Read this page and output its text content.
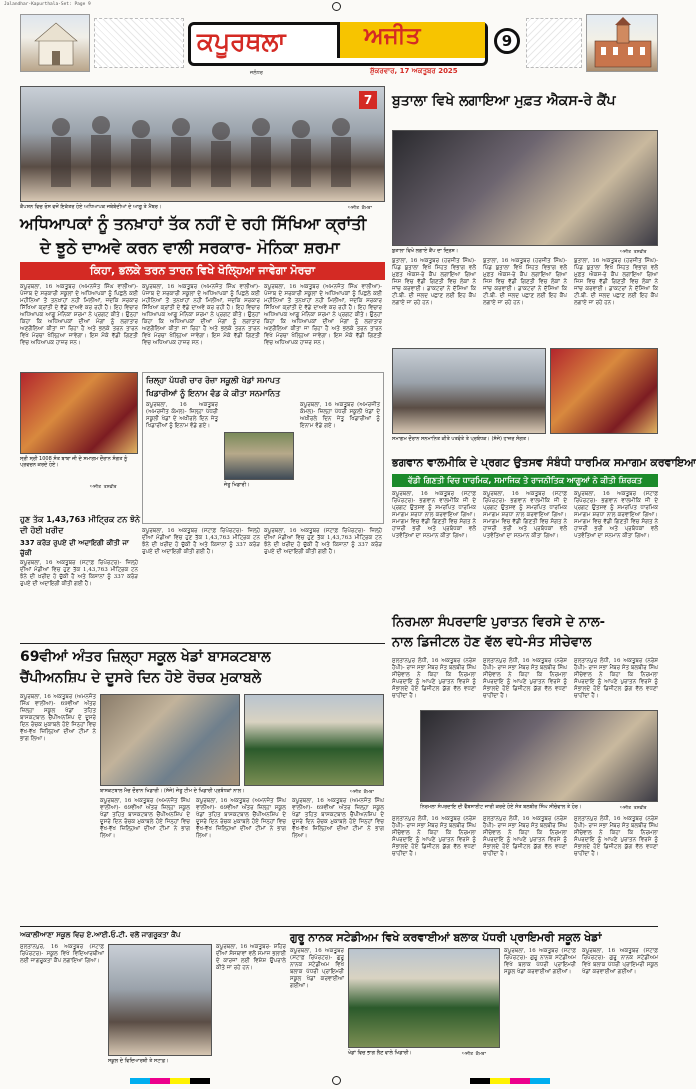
Jalandhar-Kapurthala-Set: Page 9
ਕਪੂਰਥਲਾ	ਅਜੀਤ
ਜਲੰਧਰ	ਸ਼ੁੱਕਰਵਾਰ, 17 ਅਕਤੂਬਰ 2025
9
7
ਕੈਪਸ਼ਨ ਵਿਚ ਰੋਸ ਵਜੋਂ ਇਕੱਤਰ ਹੋਏ ਅਧਿਆਪਕ ਜਥੇਬੰਦੀਆਂ ਦੇ ਆਗੂ ਤੇ ਮੈਂਬਰ।	ਅਜੀਤ ਕੈਮਰਾ
ਅਧਿਆਪਕਾਂ ਨੂੰ ਤਨਖ਼ਾਹਾਂ ਤੱਕ ਨਹੀਂ ਦੇ ਰਹੀ ਸਿੱਖਿਆ ਕ੍ਰਾਂਤੀ
ਦੇ ਝੂਠੇ ਦਾਅਵੇ ਕਰਨ ਵਾਲੀ ਸਰਕਾਰ- ਮੋਨਿਕਾ ਸ਼ਰਮਾ
ਕਿਹਾ, ਭਲਕੇ ਤਰਨ ਤਾਰਨ ਵਿਖੇ ਖੋਲ੍ਹਿਆ ਜਾਵੇਗਾ ਮੋਰਚਾ
ਕਪੂਰਥਲਾ, 16 ਅਕਤੂਬਰ (ਅਮਨਜੋਤ ਸਿੰਘ ਵਾਲੀਆ)- ਪੰਜਾਬ ਦੇ ਸਰਕਾਰੀ ਸਕੂਲਾਂ ਦੇ ਅਧਿਆਪਕਾਂ ਨੂੰ ਪਿਛਲੇ ਕਈ ਮਹੀਨਿਆਂ ਤੋਂ ਤਨਖ਼ਾਹਾਂ ਨਹੀਂ ਮਿਲੀਆਂ, ਜਦਕਿ ਸਰਕਾਰ ਸਿੱਖਿਆ ਕ੍ਰਾਂਤੀ ਦੇ ਵੱਡੇ ਦਾਅਵੇ ਕਰ ਰਹੀ ਹੈ। ਇਹ ਵਿਚਾਰ ਅਧਿਆਪਕ ਆਗੂ ਮੋਨਿਕਾ ਸ਼ਰਮਾ ਨੇ ਪ੍ਰਗਟ ਕੀਤੇ। ਉਨ੍ਹਾਂ ਕਿਹਾ ਕਿ ਅਧਿਆਪਕਾਂ ਦੀਆਂ ਮੰਗਾਂ ਨੂੰ ਲਗਾਤਾਰ ਅਣਗੌਲਿਆ ਕੀਤਾ ਜਾ ਰਿਹਾ ਹੈ ਅਤੇ ਭਲਕੇ ਤਰਨ ਤਾਰਨ ਵਿਖੇ ਮੋਰਚਾ ਖੋਲ੍ਹਿਆ ਜਾਵੇਗਾ। ਇਸ ਮੌਕੇ ਵੱਡੀ ਗਿਣਤੀ ਵਿਚ ਅਧਿਆਪਕ ਹਾਜ਼ਰ ਸਨ।
ਕਪੂਰਥਲਾ, 16 ਅਕਤੂਬਰ (ਅਮਨਜੋਤ ਸਿੰਘ ਵਾਲੀਆ)- ਪੰਜਾਬ ਦੇ ਸਰਕਾਰੀ ਸਕੂਲਾਂ ਦੇ ਅਧਿਆਪਕਾਂ ਨੂੰ ਪਿਛਲੇ ਕਈ ਮਹੀਨਿਆਂ ਤੋਂ ਤਨਖ਼ਾਹਾਂ ਨਹੀਂ ਮਿਲੀਆਂ, ਜਦਕਿ ਸਰਕਾਰ ਸਿੱਖਿਆ ਕ੍ਰਾਂਤੀ ਦੇ ਵੱਡੇ ਦਾਅਵੇ ਕਰ ਰਹੀ ਹੈ। ਇਹ ਵਿਚਾਰ ਅਧਿਆਪਕ ਆਗੂ ਮੋਨਿਕਾ ਸ਼ਰਮਾ ਨੇ ਪ੍ਰਗਟ ਕੀਤੇ। ਉਨ੍ਹਾਂ ਕਿਹਾ ਕਿ ਅਧਿਆਪਕਾਂ ਦੀਆਂ ਮੰਗਾਂ ਨੂੰ ਲਗਾਤਾਰ ਅਣਗੌਲਿਆ ਕੀਤਾ ਜਾ ਰਿਹਾ ਹੈ ਅਤੇ ਭਲਕੇ ਤਰਨ ਤਾਰਨ ਵਿਖੇ ਮੋਰਚਾ ਖੋਲ੍ਹਿਆ ਜਾਵੇਗਾ। ਇਸ ਮੌਕੇ ਵੱਡੀ ਗਿਣਤੀ ਵਿਚ ਅਧਿਆਪਕ ਹਾਜ਼ਰ ਸਨ।
ਕਪੂਰਥਲਾ, 16 ਅਕਤੂਬਰ (ਅਮਨਜੋਤ ਸਿੰਘ ਵਾਲੀਆ)- ਪੰਜਾਬ ਦੇ ਸਰਕਾਰੀ ਸਕੂਲਾਂ ਦੇ ਅਧਿਆਪਕਾਂ ਨੂੰ ਪਿਛਲੇ ਕਈ ਮਹੀਨਿਆਂ ਤੋਂ ਤਨਖ਼ਾਹਾਂ ਨਹੀਂ ਮਿਲੀਆਂ, ਜਦਕਿ ਸਰਕਾਰ ਸਿੱਖਿਆ ਕ੍ਰਾਂਤੀ ਦੇ ਵੱਡੇ ਦਾਅਵੇ ਕਰ ਰਹੀ ਹੈ। ਇਹ ਵਿਚਾਰ ਅਧਿਆਪਕ ਆਗੂ ਮੋਨਿਕਾ ਸ਼ਰਮਾ ਨੇ ਪ੍ਰਗਟ ਕੀਤੇ। ਉਨ੍ਹਾਂ ਕਿਹਾ ਕਿ ਅਧਿਆਪਕਾਂ ਦੀਆਂ ਮੰਗਾਂ ਨੂੰ ਲਗਾਤਾਰ ਅਣਗੌਲਿਆ ਕੀਤਾ ਜਾ ਰਿਹਾ ਹੈ ਅਤੇ ਭਲਕੇ ਤਰਨ ਤਾਰਨ ਵਿਖੇ ਮੋਰਚਾ ਖੋਲ੍ਹਿਆ ਜਾਵੇਗਾ। ਇਸ ਮੌਕੇ ਵੱਡੀ ਗਿਣਤੀ ਵਿਚ ਅਧਿਆਪਕ ਹਾਜ਼ਰ ਸਨ।
ਬੁਤਾਲਾ ਵਿਖੇ ਲਗਾਇਆ ਮੁਫ਼ਤ ਐਕਸ-ਰੇ ਕੈਂਪ
ਬੁਤਾਲਾ ਵਿਖੇ ਲਗਾਏ ਕੈਂਪ ਦਾ ਦ੍ਰਿਸ਼।	ਅਜੀਤ ਤਸਵੀਰ
ਬੁਤਾਲਾ, 16 ਅਕਤੂਬਰ (ਹਰਜੀਤ ਸਿੰਘ)- ਪਿੰਡ ਬੁਤਾਲਾ ਵਿਖੇ ਸਿਹਤ ਵਿਭਾਗ ਵਲੋਂ ਮੁਫ਼ਤ ਐਕਸ-ਰੇ ਕੈਂਪ ਲਗਾਇਆ ਗਿਆ ਜਿਸ ਵਿਚ ਵੱਡੀ ਗਿਣਤੀ ਵਿਚ ਲੋਕਾਂ ਨੇ ਜਾਂਚ ਕਰਵਾਈ। ਡਾਕਟਰਾਂ ਨੇ ਦੱਸਿਆ ਕਿ ਟੀ.ਬੀ. ਦੀ ਜਲਦ ਪਛਾਣ ਲਈ ਇਹ ਕੈਂਪ ਲਗਾਏ ਜਾ ਰਹੇ ਹਨ।
ਬੁਤਾਲਾ, 16 ਅਕਤੂਬਰ (ਹਰਜੀਤ ਸਿੰਘ)- ਪਿੰਡ ਬੁਤਾਲਾ ਵਿਖੇ ਸਿਹਤ ਵਿਭਾਗ ਵਲੋਂ ਮੁਫ਼ਤ ਐਕਸ-ਰੇ ਕੈਂਪ ਲਗਾਇਆ ਗਿਆ ਜਿਸ ਵਿਚ ਵੱਡੀ ਗਿਣਤੀ ਵਿਚ ਲੋਕਾਂ ਨੇ ਜਾਂਚ ਕਰਵਾਈ। ਡਾਕਟਰਾਂ ਨੇ ਦੱਸਿਆ ਕਿ ਟੀ.ਬੀ. ਦੀ ਜਲਦ ਪਛਾਣ ਲਈ ਇਹ ਕੈਂਪ ਲਗਾਏ ਜਾ ਰਹੇ ਹਨ।
ਬੁਤਾਲਾ, 16 ਅਕਤੂਬਰ (ਹਰਜੀਤ ਸਿੰਘ)- ਪਿੰਡ ਬੁਤਾਲਾ ਵਿਖੇ ਸਿਹਤ ਵਿਭਾਗ ਵਲੋਂ ਮੁਫ਼ਤ ਐਕਸ-ਰੇ ਕੈਂਪ ਲਗਾਇਆ ਗਿਆ ਜਿਸ ਵਿਚ ਵੱਡੀ ਗਿਣਤੀ ਵਿਚ ਲੋਕਾਂ ਨੇ ਜਾਂਚ ਕਰਵਾਈ। ਡਾਕਟਰਾਂ ਨੇ ਦੱਸਿਆ ਕਿ ਟੀ.ਬੀ. ਦੀ ਜਲਦ ਪਛਾਣ ਲਈ ਇਹ ਕੈਂਪ ਲਗਾਏ ਜਾ ਰਹੇ ਹਨ।
ਸ੍ਰੀ ਸ੍ਰੀ 1008 ਸੰਤ ਬਾਬਾ ਜੀ ਦੇ ਸਮਾਗਮ ਦੌਰਾਨ ਸੰਗਤ ਨੂੰ ਪ੍ਰਵਚਨ ਕਰਦੇ ਹੋਏ।
ਅਜੀਤ ਤਸਵੀਰ
ਜ਼ਿਲ੍ਹਾ ਪੱਧਰੀ ਚਾਰ ਰੋਜ਼ਾ ਸਕੂਲੀ ਖੇਡਾਂ ਸਮਾਪਤ
ਖਿਡਾਰੀਆਂ ਨੂੰ ਇਨਾਮ ਵੰਡ ਕੇ ਕੀਤਾ ਸਨਮਾਨਿਤ
ਕਪੂਰਥਲਾ, 16 ਅਕਤੂਬਰ (ਅਮਰਜੀਤ ਕੋਮਲ)- ਜ਼ਿਲ੍ਹਾ ਪੱਧਰੀ ਸਕੂਲੀ ਖੇਡਾਂ ਦੇ ਅਖ਼ੀਰਲੇ ਦਿਨ ਜੇਤੂ ਖਿਡਾਰੀਆਂ ਨੂੰ ਇਨਾਮ ਵੰਡੇ ਗਏ।
ਜੇਤੂ ਖਿਡਾਰੀ।
ਕਪੂਰਥਲਾ, 16 ਅਕਤੂਬਰ (ਅਮਰਜੀਤ ਕੋਮਲ)- ਜ਼ਿਲ੍ਹਾ ਪੱਧਰੀ ਸਕੂਲੀ ਖੇਡਾਂ ਦੇ ਅਖ਼ੀਰਲੇ ਦਿਨ ਜੇਤੂ ਖਿਡਾਰੀਆਂ ਨੂੰ ਇਨਾਮ ਵੰਡੇ ਗਏ।
ਸਮਾਗਮ ਦੌਰਾਨ ਸਨਮਾਨਿਤ ਕੀਤੇ ਪਤਵੰਤੇ ਤੇ ਪ੍ਰਬੰਧਕ। (ਸੱਜੇ) ਹਾਜ਼ਰ ਸੰਗਤ।
ਭਗਵਾਨ ਵਾਲਮੀਕਿ ਦੇ ਪ੍ਰਗਟ ਉਤਸਵ ਸੰਬੰਧੀ ਧਾਰਮਿਕ ਸਮਾਗਮ ਕਰਵਾਇਆ
ਵੱਡੀ ਗਿਣਤੀ ਵਿਚ ਧਾਰਮਿਕ, ਸਮਾਜਿਕ ਤੇ ਰਾਜਨੀਤਿਕ ਆਗੂਆਂ ਨੇ ਕੀਤੀ ਸ਼ਿਰਕਤ
ਕਪੂਰਥਲਾ, 16 ਅਕਤੂਬਰ (ਸਟਾਫ਼ ਰਿਪੋਰਟਰ)- ਭਗਵਾਨ ਵਾਲਮੀਕਿ ਜੀ ਦੇ ਪ੍ਰਗਟ ਉਤਸਵ ਨੂੰ ਸਮਰਪਿਤ ਧਾਰਮਿਕ ਸਮਾਗਮ ਸ਼ਰਧਾ ਨਾਲ ਕਰਵਾਇਆ ਗਿਆ। ਸਮਾਗਮ ਵਿਚ ਵੱਡੀ ਗਿਣਤੀ ਵਿਚ ਸੰਗਤ ਨੇ ਹਾਜ਼ਰੀ ਭਰੀ ਅਤੇ ਪ੍ਰਬੰਧਕਾਂ ਵਲੋਂ ਪਤਵੰਤਿਆਂ ਦਾ ਸਨਮਾਨ ਕੀਤਾ ਗਿਆ।
ਕਪੂਰਥਲਾ, 16 ਅਕਤੂਬਰ (ਸਟਾਫ਼ ਰਿਪੋਰਟਰ)- ਭਗਵਾਨ ਵਾਲਮੀਕਿ ਜੀ ਦੇ ਪ੍ਰਗਟ ਉਤਸਵ ਨੂੰ ਸਮਰਪਿਤ ਧਾਰਮਿਕ ਸਮਾਗਮ ਸ਼ਰਧਾ ਨਾਲ ਕਰਵਾਇਆ ਗਿਆ। ਸਮਾਗਮ ਵਿਚ ਵੱਡੀ ਗਿਣਤੀ ਵਿਚ ਸੰਗਤ ਨੇ ਹਾਜ਼ਰੀ ਭਰੀ ਅਤੇ ਪ੍ਰਬੰਧਕਾਂ ਵਲੋਂ ਪਤਵੰਤਿਆਂ ਦਾ ਸਨਮਾਨ ਕੀਤਾ ਗਿਆ।
ਕਪੂਰਥਲਾ, 16 ਅਕਤੂਬਰ (ਸਟਾਫ਼ ਰਿਪੋਰਟਰ)- ਭਗਵਾਨ ਵਾਲਮੀਕਿ ਜੀ ਦੇ ਪ੍ਰਗਟ ਉਤਸਵ ਨੂੰ ਸਮਰਪਿਤ ਧਾਰਮਿਕ ਸਮਾਗਮ ਸ਼ਰਧਾ ਨਾਲ ਕਰਵਾਇਆ ਗਿਆ। ਸਮਾਗਮ ਵਿਚ ਵੱਡੀ ਗਿਣਤੀ ਵਿਚ ਸੰਗਤ ਨੇ ਹਾਜ਼ਰੀ ਭਰੀ ਅਤੇ ਪ੍ਰਬੰਧਕਾਂ ਵਲੋਂ ਪਤਵੰਤਿਆਂ ਦਾ ਸਨਮਾਨ ਕੀਤਾ ਗਿਆ।
ਹੁਣ ਤੱਕ 1,43,763 ਮੀਟ੍ਰਿਕ ਟਨ ਝੋਨੇ ਦੀ ਹੋਈ ਖ਼ਰੀਦ
337 ਕਰੋੜ ਰੁਪਏ ਦੀ ਅਦਾਇਗੀ ਕੀਤੀ ਜਾ ਚੁੱਕੀ
ਕਪੂਰਥਲਾ, 16 ਅਕਤੂਬਰ (ਸਟਾਫ਼ ਰਿਪੋਰਟਰ)- ਜ਼ਿਲ੍ਹੇ ਦੀਆਂ ਮੰਡੀਆਂ ਵਿਚ ਹੁਣ ਤੱਕ 1,43,763 ਮੀਟ੍ਰਿਕ ਟਨ ਝੋਨੇ ਦੀ ਖ਼ਰੀਦ ਹੋ ਚੁੱਕੀ ਹੈ ਅਤੇ ਕਿਸਾਨਾਂ ਨੂੰ 337 ਕਰੋੜ ਰੁਪਏ ਦੀ ਅਦਾਇਗੀ ਕੀਤੀ ਗਈ ਹੈ।
ਕਪੂਰਥਲਾ, 16 ਅਕਤੂਬਰ (ਸਟਾਫ਼ ਰਿਪੋਰਟਰ)- ਜ਼ਿਲ੍ਹੇ ਦੀਆਂ ਮੰਡੀਆਂ ਵਿਚ ਹੁਣ ਤੱਕ 1,43,763 ਮੀਟ੍ਰਿਕ ਟਨ ਝੋਨੇ ਦੀ ਖ਼ਰੀਦ ਹੋ ਚੁੱਕੀ ਹੈ ਅਤੇ ਕਿਸਾਨਾਂ ਨੂੰ 337 ਕਰੋੜ ਰੁਪਏ ਦੀ ਅਦਾਇਗੀ ਕੀਤੀ ਗਈ ਹੈ।
ਕਪੂਰਥਲਾ, 16 ਅਕਤੂਬਰ (ਸਟਾਫ਼ ਰਿਪੋਰਟਰ)- ਜ਼ਿਲ੍ਹੇ ਦੀਆਂ ਮੰਡੀਆਂ ਵਿਚ ਹੁਣ ਤੱਕ 1,43,763 ਮੀਟ੍ਰਿਕ ਟਨ ਝੋਨੇ ਦੀ ਖ਼ਰੀਦ ਹੋ ਚੁੱਕੀ ਹੈ ਅਤੇ ਕਿਸਾਨਾਂ ਨੂੰ 337 ਕਰੋੜ ਰੁਪਏ ਦੀ ਅਦਾਇਗੀ ਕੀਤੀ ਗਈ ਹੈ।
69ਵੀਆਂ ਅੰਤਰ ਜ਼ਿਲ੍ਹਾ ਸਕੂਲ ਖੇਡਾਂ ਬਾਸਕਟਬਾਲ
ਚੈਂਪੀਅਨਸ਼ਿਪ ਦੇ ਦੂਸਰੇ ਦਿਨ ਹੋਏ ਰੋਚਕ ਮੁਕਾਬਲੇ
ਕਪੂਰਥਲਾ, 16 ਅਕਤੂਬਰ (ਅਮਨਜੋਤ ਸਿੰਘ ਵਾਲੀਆ)- 69ਵੀਆਂ ਅੰਤਰ ਜ਼ਿਲ੍ਹਾ ਸਕੂਲ ਖੇਡਾਂ ਤਹਿਤ ਬਾਸਕਟਬਾਲ ਚੈਂਪੀਅਨਸ਼ਿਪ ਦੇ ਦੂਸਰੇ ਦਿਨ ਰੋਚਕ ਮੁਕਾਬਲੇ ਹੋਏ ਜਿਨ੍ਹਾਂ ਵਿਚ ਵੱਖ-ਵੱਖ ਜ਼ਿਲ੍ਹਿਆਂ ਦੀਆਂ ਟੀਮਾਂ ਨੇ ਭਾਗ ਲਿਆ।
ਬਾਸਕਟਬਾਲ ਮੈਚ ਦੌਰਾਨ ਖਿਡਾਰੀ। (ਸੱਜੇ) ਜੇਤੂ ਟੀਮ ਦੇ ਖਿਡਾਰੀ ਪ੍ਰਬੰਧਕਾਂ ਨਾਲ।	ਅਜੀਤ ਕੈਮਰਾ
ਕਪੂਰਥਲਾ, 16 ਅਕਤੂਬਰ (ਅਮਨਜੋਤ ਸਿੰਘ ਵਾਲੀਆ)- 69ਵੀਆਂ ਅੰਤਰ ਜ਼ਿਲ੍ਹਾ ਸਕੂਲ ਖੇਡਾਂ ਤਹਿਤ ਬਾਸਕਟਬਾਲ ਚੈਂਪੀਅਨਸ਼ਿਪ ਦੇ ਦੂਸਰੇ ਦਿਨ ਰੋਚਕ ਮੁਕਾਬਲੇ ਹੋਏ ਜਿਨ੍ਹਾਂ ਵਿਚ ਵੱਖ-ਵੱਖ ਜ਼ਿਲ੍ਹਿਆਂ ਦੀਆਂ ਟੀਮਾਂ ਨੇ ਭਾਗ ਲਿਆ।
ਕਪੂਰਥਲਾ, 16 ਅਕਤੂਬਰ (ਅਮਨਜੋਤ ਸਿੰਘ ਵਾਲੀਆ)- 69ਵੀਆਂ ਅੰਤਰ ਜ਼ਿਲ੍ਹਾ ਸਕੂਲ ਖੇਡਾਂ ਤਹਿਤ ਬਾਸਕਟਬਾਲ ਚੈਂਪੀਅਨਸ਼ਿਪ ਦੇ ਦੂਸਰੇ ਦਿਨ ਰੋਚਕ ਮੁਕਾਬਲੇ ਹੋਏ ਜਿਨ੍ਹਾਂ ਵਿਚ ਵੱਖ-ਵੱਖ ਜ਼ਿਲ੍ਹਿਆਂ ਦੀਆਂ ਟੀਮਾਂ ਨੇ ਭਾਗ ਲਿਆ।
ਕਪੂਰਥਲਾ, 16 ਅਕਤੂਬਰ (ਅਮਨਜੋਤ ਸਿੰਘ ਵਾਲੀਆ)- 69ਵੀਆਂ ਅੰਤਰ ਜ਼ਿਲ੍ਹਾ ਸਕੂਲ ਖੇਡਾਂ ਤਹਿਤ ਬਾਸਕਟਬਾਲ ਚੈਂਪੀਅਨਸ਼ਿਪ ਦੇ ਦੂਸਰੇ ਦਿਨ ਰੋਚਕ ਮੁਕਾਬਲੇ ਹੋਏ ਜਿਨ੍ਹਾਂ ਵਿਚ ਵੱਖ-ਵੱਖ ਜ਼ਿਲ੍ਹਿਆਂ ਦੀਆਂ ਟੀਮਾਂ ਨੇ ਭਾਗ ਲਿਆ।
ਨਿਰਮਲਾ ਸੰਪਰਦਾਇ ਪੁਰਾਤਨ ਵਿਰਸੇ ਦੇ ਨਾਲ-
ਨਾਲ ਡਿਜੀਟਲ ਹੋਣ ਵੱਲ ਵਧੇ-ਸੰਤ ਸੀਚੇਵਾਲ
ਸੁਲਤਾਨਪੁਰ ਲੋਧੀ, 16 ਅਕਤੂਬਰ (ਨਰੇਸ਼ ਹੈਪੀ)- ਰਾਜ ਸਭਾ ਮੈਂਬਰ ਸੰਤ ਬਲਬੀਰ ਸਿੰਘ ਸੀਚੇਵਾਲ ਨੇ ਕਿਹਾ ਕਿ ਨਿਰਮਲਾ ਸੰਪਰਦਾਇ ਨੂੰ ਆਪਣੇ ਪੁਰਾਤਨ ਵਿਰਸੇ ਨੂੰ ਸੰਭਾਲਦੇ ਹੋਏ ਡਿਜੀਟਲ ਯੁੱਗ ਵੱਲ ਵਧਣਾ ਚਾਹੀਦਾ ਹੈ।
ਨਿਰਮਲਾ ਸੰਪਰਦਾਇ ਦੀ ਵੈੱਬਸਾਈਟ ਜਾਰੀ ਕਰਦੇ ਹੋਏ ਸੰਤ ਬਲਬੀਰ ਸਿੰਘ ਸੀਚੇਵਾਲ ਤੇ ਹੋਰ।	ਅਜੀਤ ਤਸਵੀਰ
ਸੁਲਤਾਨਪੁਰ ਲੋਧੀ, 16 ਅਕਤੂਬਰ (ਨਰੇਸ਼ ਹੈਪੀ)- ਰਾਜ ਸਭਾ ਮੈਂਬਰ ਸੰਤ ਬਲਬੀਰ ਸਿੰਘ ਸੀਚੇਵਾਲ ਨੇ ਕਿਹਾ ਕਿ ਨਿਰਮਲਾ ਸੰਪਰਦਾਇ ਨੂੰ ਆਪਣੇ ਪੁਰਾਤਨ ਵਿਰਸੇ ਨੂੰ ਸੰਭਾਲਦੇ ਹੋਏ ਡਿਜੀਟਲ ਯੁੱਗ ਵੱਲ ਵਧਣਾ ਚਾਹੀਦਾ ਹੈ।
ਸੁਲਤਾਨਪੁਰ ਲੋਧੀ, 16 ਅਕਤੂਬਰ (ਨਰੇਸ਼ ਹੈਪੀ)- ਰਾਜ ਸਭਾ ਮੈਂਬਰ ਸੰਤ ਬਲਬੀਰ ਸਿੰਘ ਸੀਚੇਵਾਲ ਨੇ ਕਿਹਾ ਕਿ ਨਿਰਮਲਾ ਸੰਪਰਦਾਇ ਨੂੰ ਆਪਣੇ ਪੁਰਾਤਨ ਵਿਰਸੇ ਨੂੰ ਸੰਭਾਲਦੇ ਹੋਏ ਡਿਜੀਟਲ ਯੁੱਗ ਵੱਲ ਵਧਣਾ ਚਾਹੀਦਾ ਹੈ।
ਸੁਲਤਾਨਪੁਰ ਲੋਧੀ, 16 ਅਕਤੂਬਰ (ਨਰੇਸ਼ ਹੈਪੀ)- ਰਾਜ ਸਭਾ ਮੈਂਬਰ ਸੰਤ ਬਲਬੀਰ ਸਿੰਘ ਸੀਚੇਵਾਲ ਨੇ ਕਿਹਾ ਕਿ ਨਿਰਮਲਾ ਸੰਪਰਦਾਇ ਨੂੰ ਆਪਣੇ ਪੁਰਾਤਨ ਵਿਰਸੇ ਨੂੰ ਸੰਭਾਲਦੇ ਹੋਏ ਡਿਜੀਟਲ ਯੁੱਗ ਵੱਲ ਵਧਣਾ ਚਾਹੀਦਾ ਹੈ।
ਸੁਲਤਾਨਪੁਰ ਲੋਧੀ, 16 ਅਕਤੂਬਰ (ਨਰੇਸ਼ ਹੈਪੀ)- ਰਾਜ ਸਭਾ ਮੈਂਬਰ ਸੰਤ ਬਲਬੀਰ ਸਿੰਘ ਸੀਚੇਵਾਲ ਨੇ ਕਿਹਾ ਕਿ ਨਿਰਮਲਾ ਸੰਪਰਦਾਇ ਨੂੰ ਆਪਣੇ ਪੁਰਾਤਨ ਵਿਰਸੇ ਨੂੰ ਸੰਭਾਲਦੇ ਹੋਏ ਡਿਜੀਟਲ ਯੁੱਗ ਵੱਲ ਵਧਣਾ ਚਾਹੀਦਾ ਹੈ।
ਸੁਲਤਾਨਪੁਰ ਲੋਧੀ, 16 ਅਕਤੂਬਰ (ਨਰੇਸ਼ ਹੈਪੀ)- ਰਾਜ ਸਭਾ ਮੈਂਬਰ ਸੰਤ ਬਲਬੀਰ ਸਿੰਘ ਸੀਚੇਵਾਲ ਨੇ ਕਿਹਾ ਕਿ ਨਿਰਮਲਾ ਸੰਪਰਦਾਇ ਨੂੰ ਆਪਣੇ ਪੁਰਾਤਨ ਵਿਰਸੇ ਨੂੰ ਸੰਭਾਲਦੇ ਹੋਏ ਡਿਜੀਟਲ ਯੁੱਗ ਵੱਲ ਵਧਣਾ ਚਾਹੀਦਾ ਹੈ।
ਗੁਰੂ ਨਾਨਕ ਸਟੇਡੀਅਮ ਵਿਖੇ ਕਰਵਾਈਆਂ ਬਲਾਕ ਪੱਧਰੀ ਪ੍ਰਾਇਮਰੀ ਸਕੂਲ ਖੇਡਾਂ
ਕਪੂਰਥਲਾ, 16 ਅਕਤੂਬਰ (ਸਟਾਫ਼ ਰਿਪੋਰਟਰ)- ਗੁਰੂ ਨਾਨਕ ਸਟੇਡੀਅਮ ਵਿਖੇ ਬਲਾਕ ਪੱਧਰੀ ਪ੍ਰਾਇਮਰੀ ਸਕੂਲ ਖੇਡਾਂ ਕਰਵਾਈਆਂ ਗਈਆਂ।
ਖੇਡਾਂ ਵਿਚ ਭਾਗ ਲੈਣ ਵਾਲੇ ਖਿਡਾਰੀ।	ਅਜੀਤ ਕੈਮਰਾ
ਕਪੂਰਥਲਾ, 16 ਅਕਤੂਬਰ (ਸਟਾਫ਼ ਰਿਪੋਰਟਰ)- ਗੁਰੂ ਨਾਨਕ ਸਟੇਡੀਅਮ ਵਿਖੇ ਬਲਾਕ ਪੱਧਰੀ ਪ੍ਰਾਇਮਰੀ ਸਕੂਲ ਖੇਡਾਂ ਕਰਵਾਈਆਂ ਗਈਆਂ।
ਕਪੂਰਥਲਾ, 16 ਅਕਤੂਬਰ (ਸਟਾਫ਼ ਰਿਪੋਰਟਰ)- ਗੁਰੂ ਨਾਨਕ ਸਟੇਡੀਅਮ ਵਿਖੇ ਬਲਾਕ ਪੱਧਰੀ ਪ੍ਰਾਇਮਰੀ ਸਕੂਲ ਖੇਡਾਂ ਕਰਵਾਈਆਂ ਗਈਆਂ।
ਅਕਾਲੀਆਣਾ ਸਕੂਲ ਵਿਚ ਏ.ਆਈ.ਓ.ਟੀ. ਵਲੋਂ ਜਾਗਰੂਕਤਾ ਕੈਂਪ
ਸੁਲਤਾਨਪੁਰ, 16 ਅਕਤੂਬਰ (ਸਟਾਫ਼ ਰਿਪੋਰਟਰ)- ਸਕੂਲ ਵਿਖੇ ਵਿਦਿਆਰਥੀਆਂ ਲਈ ਜਾਗਰੂਕਤਾ ਕੈਂਪ ਲਗਾਇਆ ਗਿਆ।
ਸਕੂਲ ਦੇ ਵਿਦਿਆਰਥੀ ਤੇ ਸਟਾਫ਼।
ਕਪੂਰਥਲਾ, 16 ਅਕਤੂਬਰ- ਸ਼ਹਿਰ ਦੀਆਂ ਸੰਸਥਾਵਾਂ ਵਲੋਂ ਸਮਾਜ ਭਲਾਈ ਦੇ ਕਾਰਜਾਂ ਲਈ ਵਿਸ਼ੇਸ਼ ਉਪਰਾਲੇ ਕੀਤੇ ਜਾ ਰਹੇ ਹਨ।
